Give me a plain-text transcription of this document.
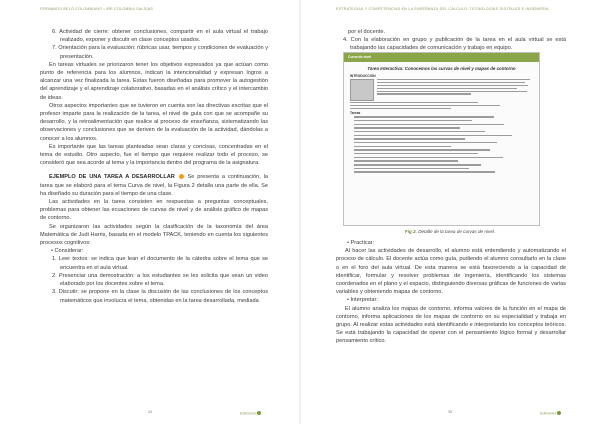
FERNANDO BELO COLOMBIANO • IRE COLOMBIA SALDÍAS
6. Actividad de cierre: obtener conclusiones, compartir en el aula virtual el trabajo realizado, exponer y discutir en clase conceptos usados.
7. Orientación para la evaluación: rúbricas usar, tiempos y condiciones de evaluación y presentación.

En tareas virtuales se priorizaron tener los objetivos expresados ya que actúan como punto de referencia para los alumnos, indican la intencionalidad y expresan logros a alcanzar una vez finalizada la tarea. Estas fueron diseñadas para promover la autogestión del aprendizaje y el aprendizaje colaborativo, basadas en el análisis crítico y el intercambio de ideas.

Otros aspectos importantes que se tuvieron en cuenta son las directivas escritas que el profesor imparte para la realización de la tarea, el nivel de guía con que se acompañe su desarrollo, y la retroalimentación que realice al proceso de enseñanza, sistematizando las observaciones y conclusiones que se deriven de la evaluación de la actividad, dándolas a conocer a los alumnos.

Es importante que las tareas planteadas sean claras y concisas, concentradas en el tema de estudio. Otro aspecto, fue el tiempo que requiere realizar todo el proceso, se consideró que sea acorde al tema y la importancia dentro del programa de la asignatura.

EJEMPLO DE UNA TAREA A DESARROLLAR Se presenta a continuación, la tarea que se elaboró para el tema Curva de nivel, la Figura 2 detalla una parte de ella. Se ha diseñado su duración para el tiempo de una clase.

Las actividades en la tarea consisten en respuestas a preguntas conceptuales, problemas para obtener las ecuaciones de curvas de nivel y de análisis gráfico de mapas de contorno.

Se organizaron las actividades según la clasificación de la taxonomía del área Matemática de Judi Harris, basada en el modelo TPACK, teniendo en cuenta los siguientes procesos cognitivos:

• Considerar:
1. Leer textos: se indica que lean el documento de la cátedra sobre el tema que se encuentra en el aula virtual.
2. Presenciar una demostración: a los estudiantes se les solicita que vean un video elaborado por los docentes sobre el tema.
3. Discutir: se propone en la clase la discusión de las conclusiones de los conceptos matemáticos que involucra el tema, obtenidas en la tarea desarrollada, mediada
34	Ediciones
ESTRATEGIAS Y COMPETENCIAS EN LA ENSEÑANZA DEL CÁLCULO: TECNOLOGÍAS DIGITALES E INGENIERÍA

por el docente.

4. Con la elaboración en grupo y publicación de la tarea en el aula virtual se está trabajando las capacidades de comunicación y trabajo en equipo.
Curva de nivel
Tarea Interactiva: Conocemos las curvas de nivel y mapas de contorno
INTRODUCCIÓN
Tareas
Fig 2. Detalle de la tarea de curvas de nivel.
• Practicar:

Al hacer las actividades de desarrollo, el alumno está entendiendo y automatizando el proceso de cálculo. El docente actúa como guía, pudiendo el alumno consultarlo en la clase o en el foro del aula virtual. De esta manera se está favoreciendo a la capacidad de identificar, formular y resolver problemas de ingeniería, identificando los sistemas coordenados en el plano y el espacio, distinguiendo diversas gráficas de funciones de varias variables y obteniendo mapas de contorno.

• Interpretar:

El alumno analiza los mapas de contorno, informa valores de la función en el mapa de contorno, informa aplicaciones de los mapas de contorno en su especialidad y trabaja en grupo. Al realizar estas actividades está identificando e interpretando los conceptos teóricos. Se está trabajando la capacidad de operar con el pensamiento lógico formal y desarrollar pensamiento crítico.

35	Ediciones
